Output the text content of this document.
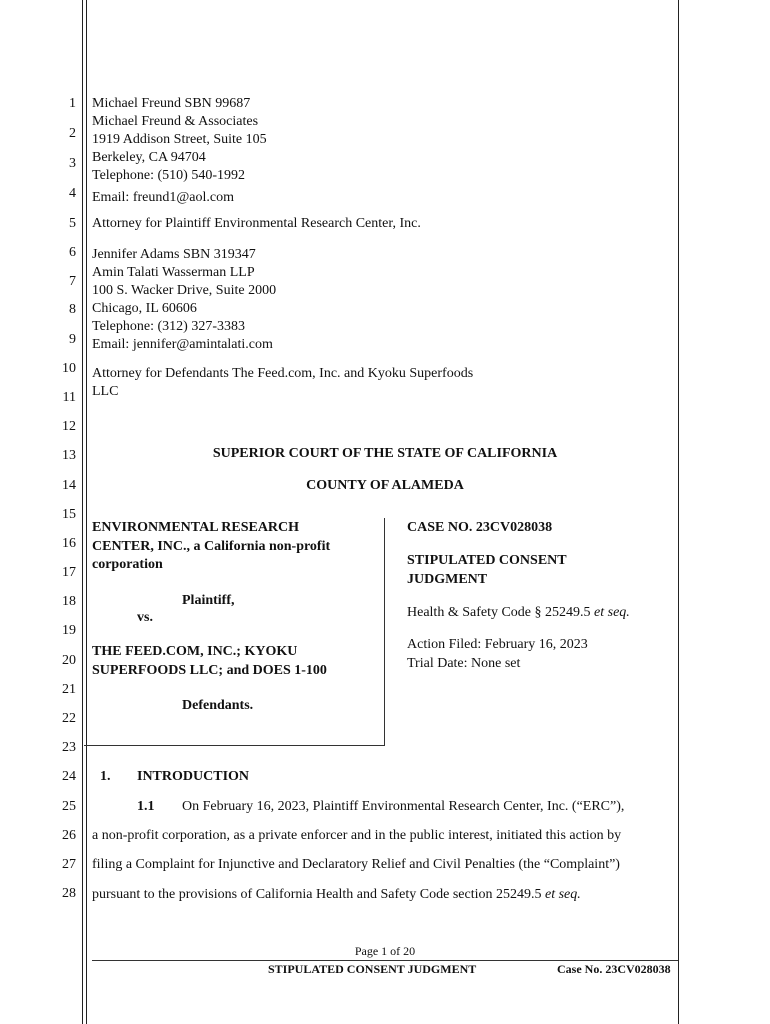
1
2
3
4
5
6
7
8
9
10
11
12
13
14
15
16
17
18
19
20
21
22
23
24
25
26
27
28
Michael Freund SBN 99687
Michael Freund & Associates
1919 Addison Street, Suite 105
Berkeley, CA 94704
Telephone: (510) 540-1992
Email: freund1@aol.com
Attorney for Plaintiff Environmental Research Center, Inc.
Jennifer Adams SBN 319347
Amin Talati Wasserman LLP
100 S. Wacker Drive, Suite 2000
Chicago, IL 60606
Telephone: (312) 327-3383
Email: jennifer@amintalati.com
Attorney for Defendants The Feed.com, Inc. and Kyoku Superfoods
LLC
SUPERIOR COURT OF THE STATE OF CALIFORNIA
COUNTY OF ALAMEDA
ENVIRONMENTAL RESEARCH
CENTER, INC., a California non-profit
corporation
Plaintiff,
vs.
THE FEED.COM, INC.; KYOKU
SUPERFOODS LLC; and DOES 1-100
Defendants.
CASE NO. 23CV028038
STIPULATED CONSENT
JUDGMENT
Health & Safety Code § 25249.5 et seq.
Action Filed: February 16, 2023
Trial Date: None set
1. INTRODUCTION
1.1 On February 16, 2023, Plaintiff Environmental Research Center, Inc. (“ERC”),
a non-profit corporation, as a private enforcer and in the public interest, initiated this action by
filing a Complaint for Injunctive and Declaratory Relief and Civil Penalties (the “Complaint”)
pursuant to the provisions of California Health and Safety Code section 25249.5 et seq.
Page 1 of 20
STIPULATED CONSENT JUDGMENT	Case No. 23CV028038
